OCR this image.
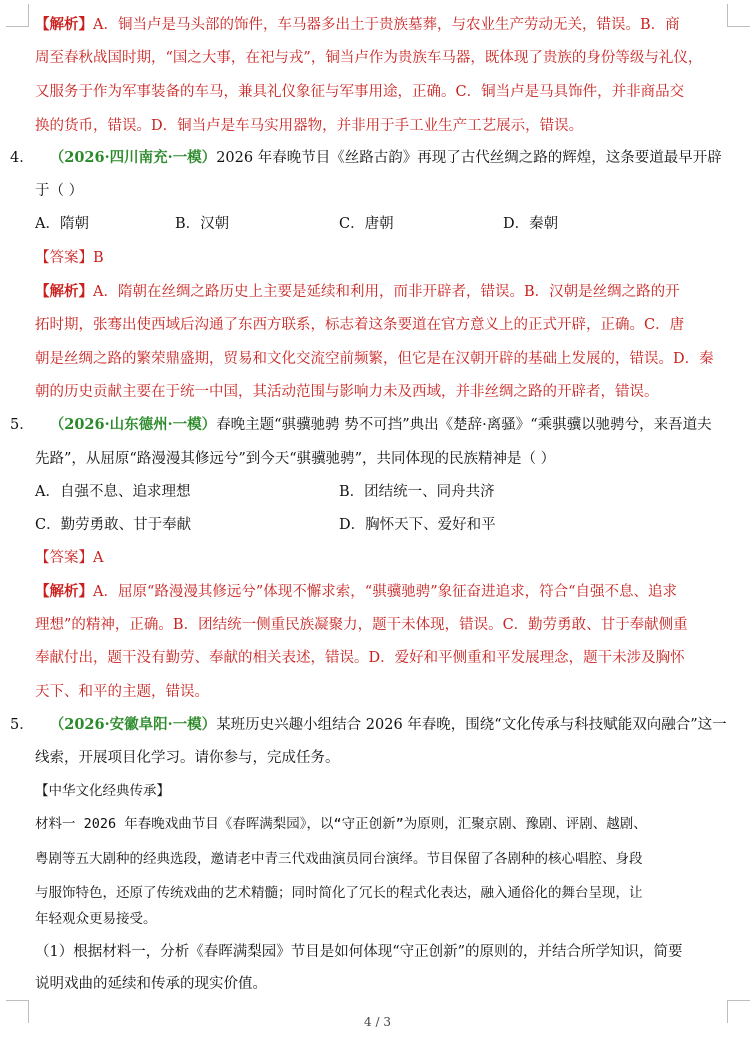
【解析】A．铜当卢是马头部的饰件，车马器多出土于贵族墓葬，与农业生产劳动无关，错误。B．商
周至春秋战国时期，“国之大事，在祀与戎”，铜当卢作为贵族车马器，既体现了贵族的身份等级与礼仪，
又服务于作为军事装备的车马，兼具礼仪象征与军事用途，正确。C．铜当卢是马具饰件，并非商品交
换的货币，错误。D．铜当卢是车马实用器物，并非用于手工业生产工艺展示，错误。
4． （2026·四川南充·一模）2026 年春晚节目《丝路古韵》再现了古代丝绸之路的辉煌，这条要道最早开辟
于（ ）
A．隋朝	B．汉朝	C．唐朝	D．秦朝
【答案】B
【解析】A．隋朝在丝绸之路历史上主要是延续和利用，而非开辟者，错误。B．汉朝是丝绸之路的开
拓时期，张骞出使西域后沟通了东西方联系，标志着这条要道在官方意义上的正式开辟，正确。C．唐
朝是丝绸之路的繁荣鼎盛期，贸易和文化交流空前频繁，但它是在汉朝开辟的基础上发展的，错误。D．秦
朝的历史贡献主要在于统一中国，其活动范围与影响力未及西域，并非丝绸之路的开辟者，错误。
5． （2026·山东德州·一模）春晚主题“骐骥驰骋 势不可挡”典出《楚辞·离骚》“乘骐骥以驰骋兮，来吾道夫
先路”，从屈原“路漫漫其修远兮”到今天“骐骥驰骋”，共同体现的民族精神是（ ）
A．自强不息、追求理想	B．团结统一、同舟共济
C．勤劳勇敢、甘于奉献	D．胸怀天下、爱好和平
【答案】A
【解析】A．屈原“路漫漫其修远兮”体现不懈求索，“骐骥驰骋”象征奋进追求，符合“自强不息、追求
理想”的精神，正确。B．团结统一侧重民族凝聚力，题干未体现，错误。C．勤劳勇敢、甘于奉献侧重
奉献付出，题干没有勤劳、奉献的相关表述，错误。D．爱好和平侧重和平发展理念，题干未涉及胸怀
天下、和平的主题，错误。
5． （2026·安徽阜阳·一模）某班历史兴趣小组结合 2026 年春晚，围绕“文化传承与科技赋能双向融合”这一
线索，开展项目化学习。请你参与，完成任务。
【中华文化经典传承】
材料一 2026 年春晚戏曲节目《春晖满梨园》，以“守正创新”为原则，汇聚京剧、豫剧、评剧、越剧、
粤剧等五大剧种的经典选段，邀请老中青三代戏曲演员同台演绎。节目保留了各剧种的核心唱腔、身段
与服饰特色，还原了传统戏曲的艺术精髓；同时简化了冗长的程式化表达，融入通俗化的舞台呈现，让
年轻观众更易接受。
（1）根据材料一，分析《春晖满梨园》节目是如何体现“守正创新”的原则的，并结合所学知识，简要
说明戏曲的延续和传承的现实价值。
4 / 3
